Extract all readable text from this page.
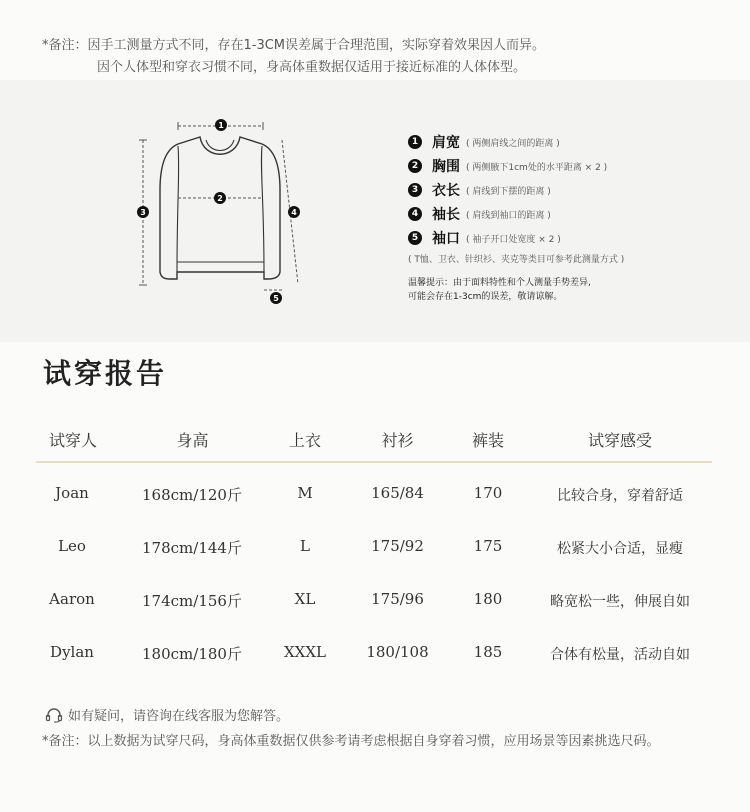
*备注：因手工测量方式不同，存在1-3CM误差属于合理范围，实际穿着效果因人而异。
因个人体型和穿衣习惯不同，身高体重数据仅适用于接近标准的人体体型。
1
2
3	4
5
1 肩宽 ( 两侧肩线之间的距离 )
2 胸围 ( 两侧腋下1cm处的水平距离 × 2 )
3 衣长 ( 肩线到下摆的距离 )
4 袖长 ( 肩线到袖口的距离 )
5 袖口 ( 袖子开口处宽度 × 2 )
( T恤、卫衣、针织衫、夹克等类目可参考此测量方式 )
温馨提示：由于面料特性和个人测量手势差异,
可能会存在1-3cm的误差，敬请谅解。
试穿报告
试穿人	身高	上衣	衬衫	裤装	试穿感受
Joan	168cm/120斤	M	165/84	170	比较合身，穿着舒适
Leo	178cm/144斤	L	175/92	175	松紧大小合适，显瘦
Aaron	174cm/156斤	XL	175/96	180	略宽松一些，伸展自如
Dylan	180cm/180斤	XXXL	180/108	185	合体有松量，活动自如
如有疑问，请咨询在线客服为您解答。
*备注：以上数据为试穿尺码，身高体重数据仅供参考请考虑根据自身穿着习惯，应用场景等因素挑选尺码。
